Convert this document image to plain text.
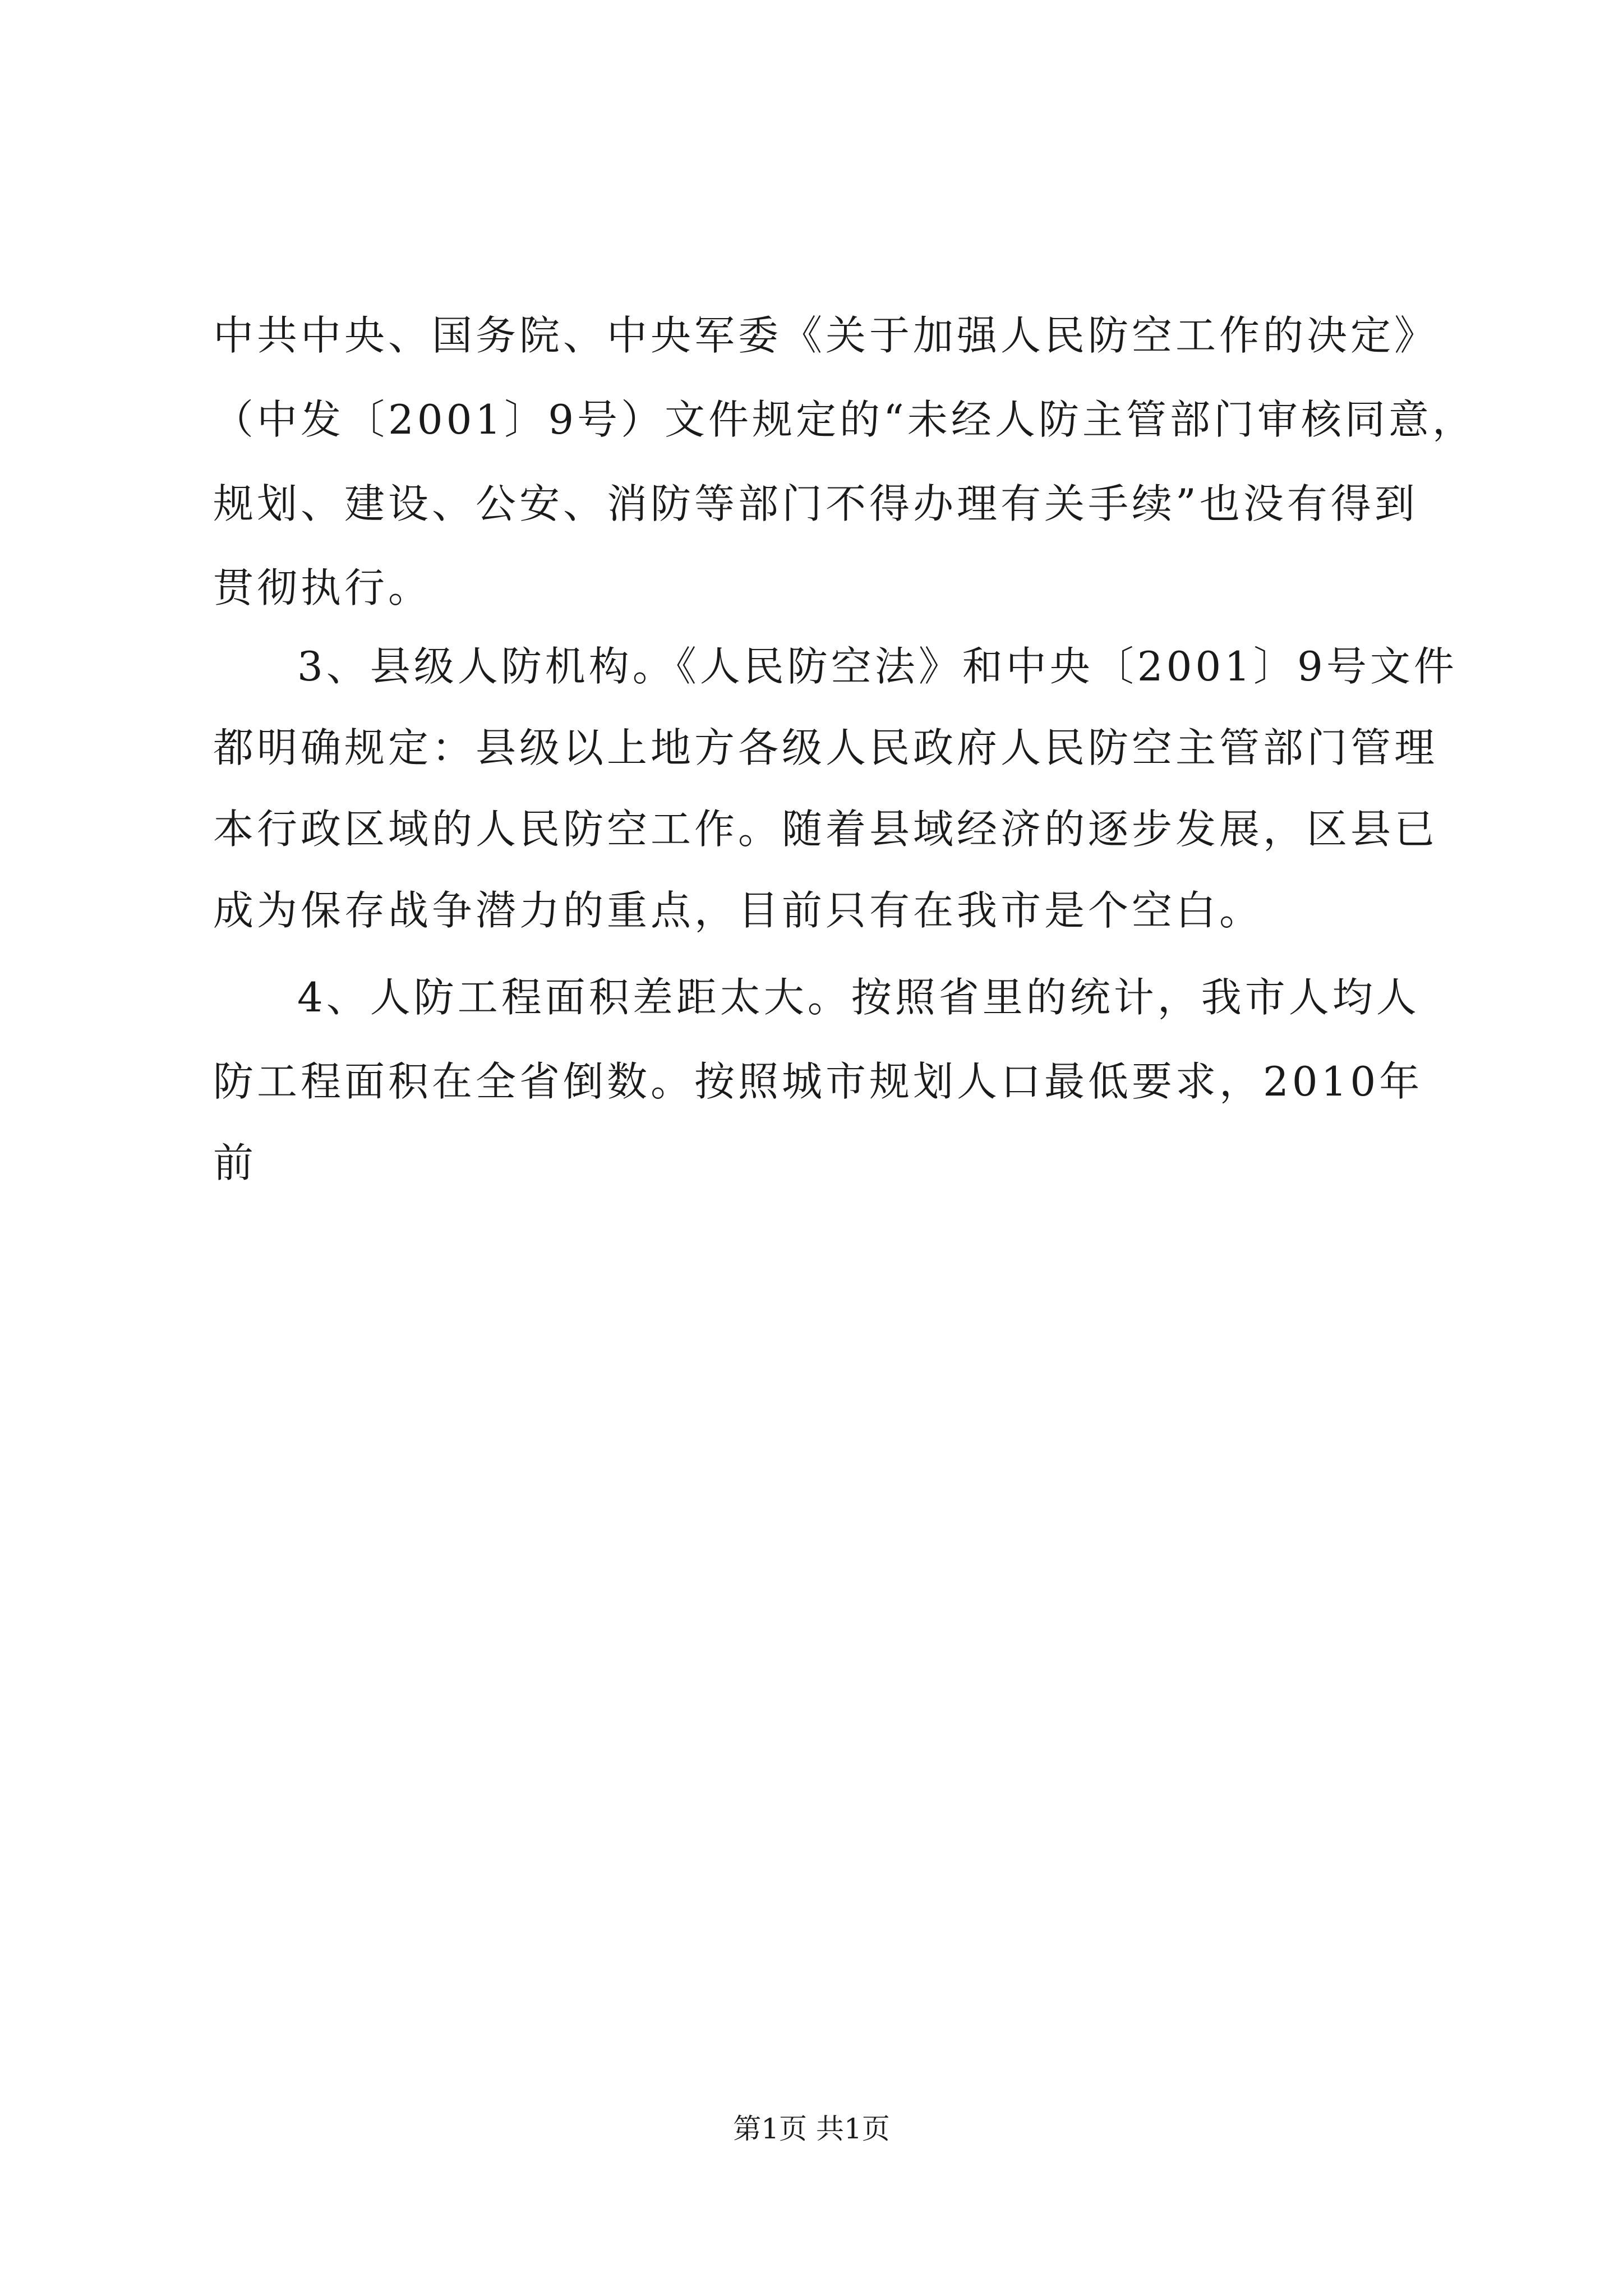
中共中央、国务院、中央军委《关于加强人民防空工作的决定》
（中发〔2001〕9号）文件规定的“未经人防主管部门审核同意，
规划、建设、公安、消防等部门不得办理有关手续”也没有得到
贯彻执行。
3、县级人防机构。《人民防空法》和中央〔2001〕9号文件
都明确规定：县级以上地方各级人民政府人民防空主管部门管理
本行政区域的人民防空工作。随着县域经济的逐步发展，区县已
成为保存战争潜力的重点，目前只有在我市是个空白。
4、人防工程面积差距太大。按照省里的统计，我市人均人
防工程面积在全省倒数。按照城市规划人口最低要求，2010年
前
第1页 共1页
